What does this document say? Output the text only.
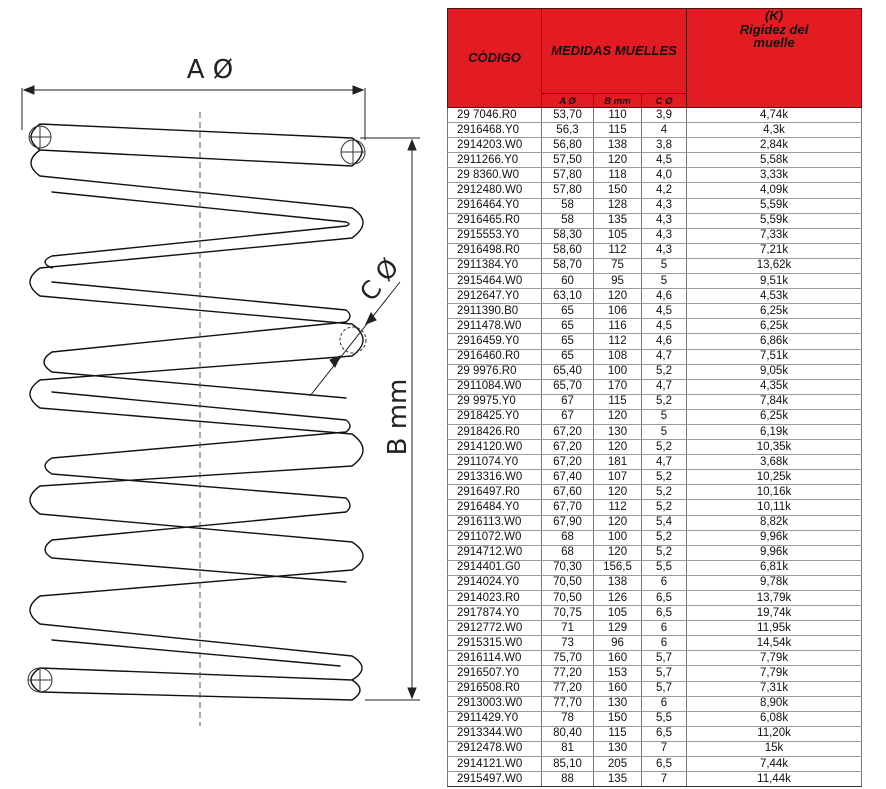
A Ø
B mm
C Ø
CÒDIGO	MEDIDAS MUELLES			(K)
Rigidez del
muelle

	A Ø	B mm	C Ø	
29 7046.R0	53,70	110	3,9	4,74k
2916468.Y0	56,3	115	4	4,3k
2914203.W0	56,80	138	3,8	2,84k
2911266.Y0	57,50	120	4,5	5,58k
29 8360.W0	57,80	118	4,0	3,33k
2912480.W0	57,80	150	4,2	4,09k
2916464.Y0	58	128	4,3	5,59k
2916465.R0	58	135	4,3	5,59k
2915553.Y0	58,30	105	4,3	7,33k
2916498.R0	58,60	112	4,3	7,21k
2911384.Y0	58,70	75	5	13,62k
2915464.W0	60	95	5	9,51k
2912647.Y0	63,10	120	4,6	4,53k
2911390.B0	65	106	4,5	6,25k
2911478.W0	65	116	4,5	6,25k
2916459.Y0	65	112	4,6	6,86k
2916460.R0	65	108	4,7	7,51k
29 9976.R0	65,40	100	5,2	9,05k
2911084.W0	65,70	170	4,7	4,35k
29 9975.Y0	67	115	5,2	7,84k
2918425.Y0	67	120	5	6,25k
2918426.R0	67,20	130	5	6,19k
2914120.W0	67,20	120	5,2	10,35k
2911074.Y0	67,20	181	4,7	3,68k
2913316.W0	67,40	107	5,2	10,25k
2916497.R0	67,60	120	5,2	10,16k
2916484.Y0	67,70	112	5,2	10,11k
2916113.W0	67,90	120	5,4	8,82k
2911072.W0	68	100	5,2	9,96k
2914712.W0	68	120	5,2	9,96k
2914401.G0	70,30	156,5	5,5	6,81k
2914024.Y0	70,50	138	6	9,78k
2914023.R0	70,50	126	6,5	13,79k
2917874.Y0	70,75	105	6,5	19,74k
2912772.W0	71	129	6	11,95k
2915315.W0	73	96	6	14,54k
2916114.W0	75,70	160	5,7	7,79k
2916507.Y0	77,20	153	5,7	7,79k
2916508.R0	77,20	160	5,7	7,31k
2913003.W0	77,70	130	6	8,90k
2911429.Y0	78	150	5,5	6,08k
2913344.W0	80,40	115	6,5	11,20k
2912478.W0	81	130	7	15k
2914121.W0	85,10	205	6,5	7,44k
2915497.W0	88	135	7	11,44k
